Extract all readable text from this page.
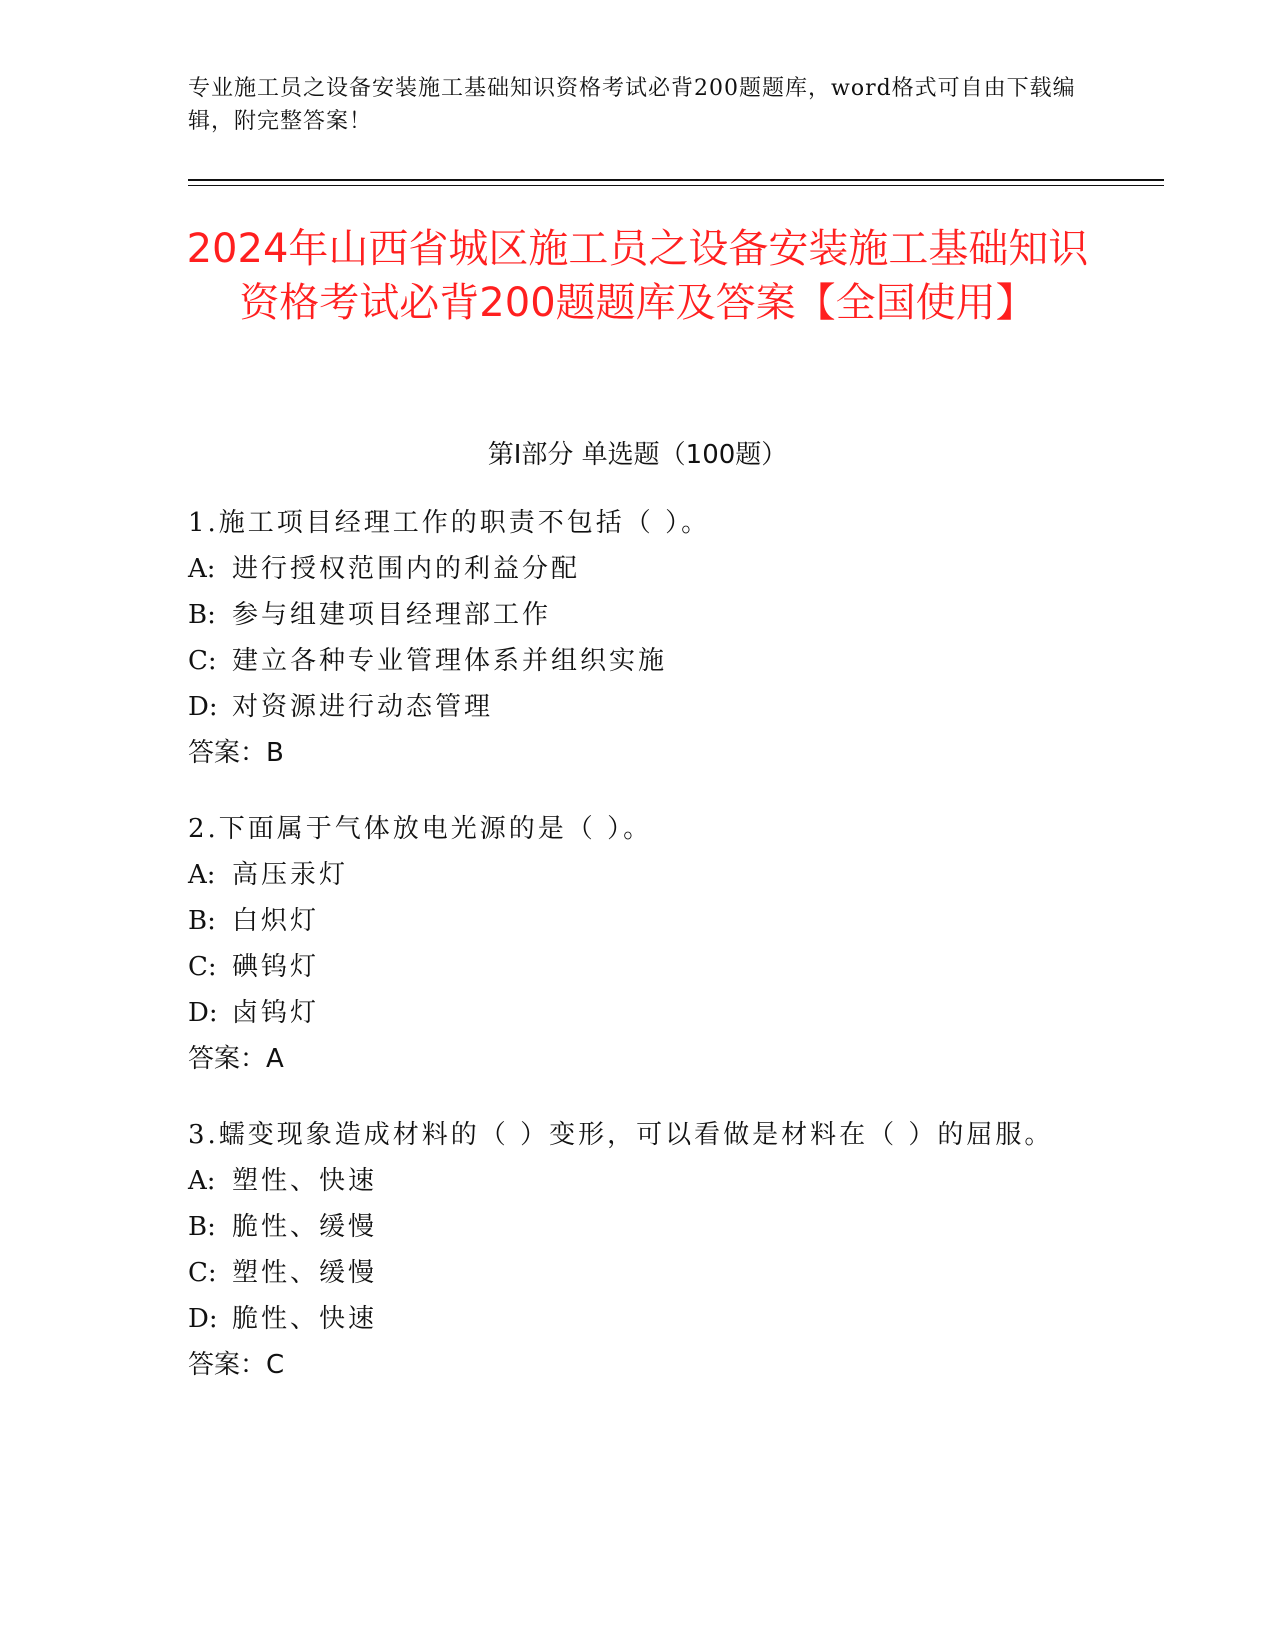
专业施工员之设备安装施工基础知识资格考试必背200题题库，word格式可自由下载编辑，附完整答案！

2024年山西省城区施工员之设备安装施工基础知识资格考试必背200题题库及答案【全国使用】
第I部分 单选题（100题）

1.施工项目经理工作的职责不包括（ ）。

A: 进行授权范围内的利益分配

B: 参与组建项目经理部工作

C: 建立各种专业管理体系并组织实施

D: 对资源进行动态管理

答案：B

2.下面属于气体放电光源的是（ ）。

A: 高压汞灯

B: 白炽灯

C: 碘钨灯

D: 卤钨灯

答案：A

3.蠕变现象造成材料的（ ）变形，可以看做是材料在（ ）的屈服。

A: 塑性、快速

B: 脆性、缓慢

C: 塑性、缓慢

D: 脆性、快速

答案：C
